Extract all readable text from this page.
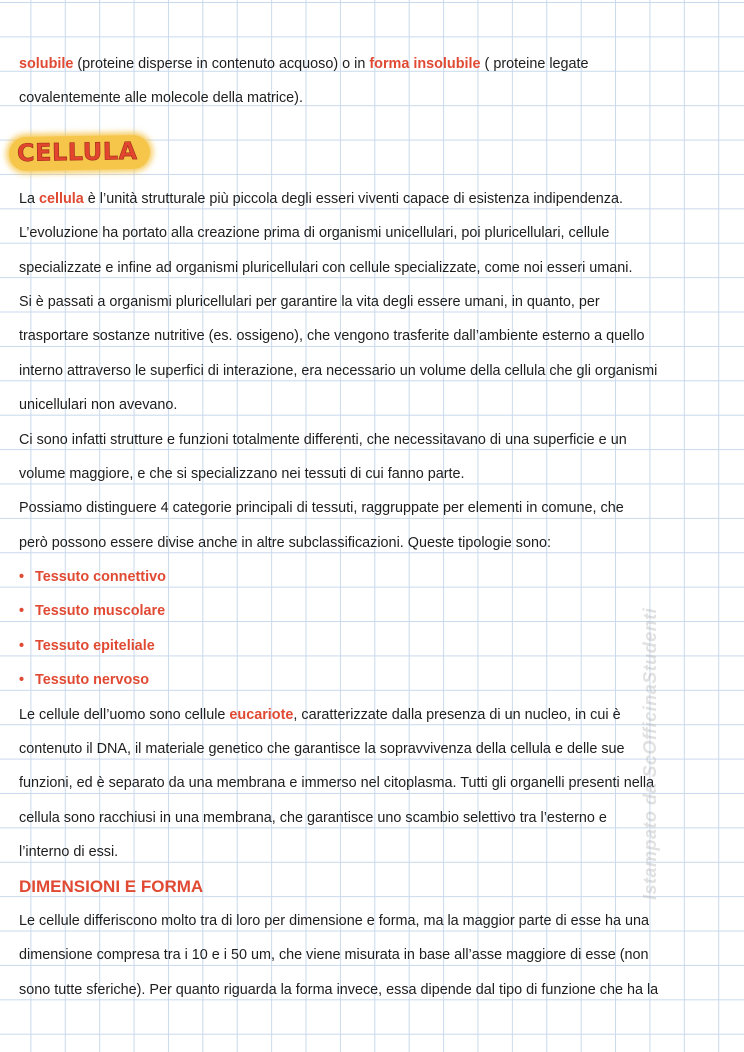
solubile (proteine disperse in contenuto acquoso) o in forma insolubile ( proteine legate
covalentemente alle molecole della matrice).
CELLULA
La cellula è l’unità strutturale più piccola degli esseri viventi capace di esistenza indipendenza.
L’evoluzione ha portato alla creazione prima di organismi unicellulari, poi pluricellulari, cellule
specializzate e infine ad organismi pluricellulari con cellule specializzate, come noi esseri umani.
Si è passati a organismi pluricellulari per garantire la vita degli essere umani, in quanto, per
trasportare sostanze nutritive (es. ossigeno), che vengono trasferite dall’ambiente esterno a quello
interno attraverso le superfici di interazione, era necessario un volume della cellula che gli organismi
unicellulari non avevano.
Ci sono infatti strutture e funzioni totalmente differenti, che necessitavano di una superficie e un
volume maggiore, e che si specializzano nei tessuti di cui fanno parte.
Possiamo distinguere 4 categorie principali di tessuti, raggruppate per elementi in comune, che
però possono essere divise anche in altre subclassificazioni. Queste tipologie sono:
• Tessuto connettivo
• Tessuto muscolare
• Tessuto epiteliale
• Tessuto nervoso
Le cellule dell’uomo sono cellule eucariote, caratterizzate dalla presenza di un nucleo, in cui è
contenuto il DNA, il materiale genetico che garantisce la sopravvivenza della cellula e delle sue
funzioni, ed è separato da una membrana e immerso nel citoplasma. Tutti gli organelli presenti nella
cellula sono racchiusi in una membrana, che garantisce uno scambio selettivo tra l’esterno e
l’interno di essi.
DIMENSIONI E FORMA
Le cellule differiscono molto tra di loro per dimensione e forma, ma la maggior parte di esse ha una
dimensione compresa tra i 10 e i 50 um, che viene misurata in base all’asse maggiore di esse (non
sono tutte sferiche). Per quanto riguarda la forma invece, essa dipende dal tipo di funzione che ha la
Istampato da ScOfficinaStudenti
